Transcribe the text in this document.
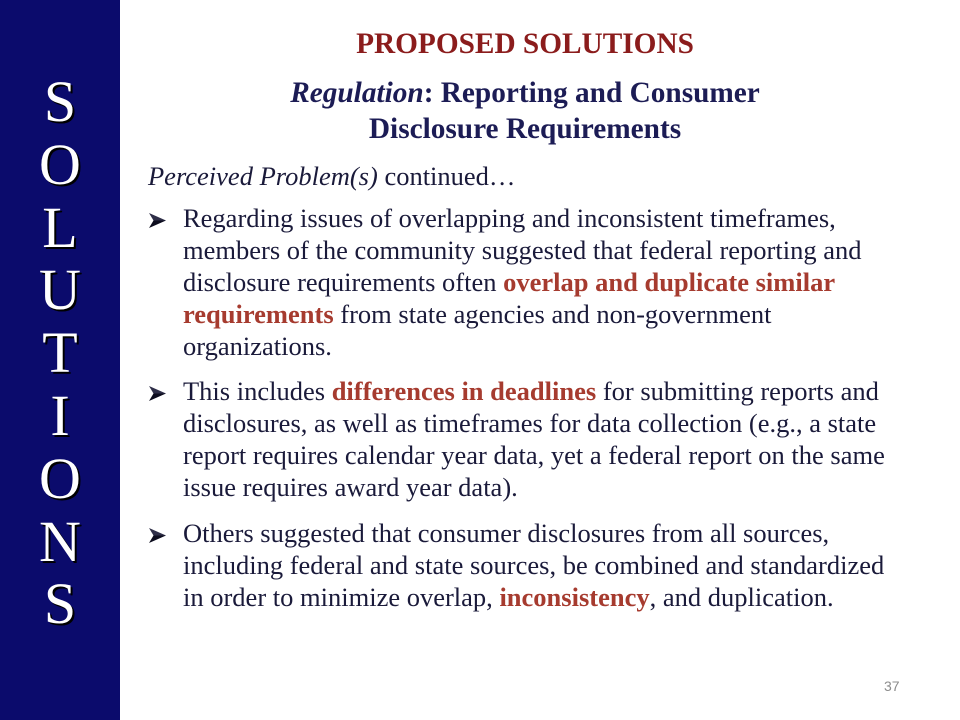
S
O
L
U
T
I
O
N
S
PROPOSED SOLUTIONS
Regulation: Reporting and Consumer
Disclosure Requirements
Perceived Problem(s) continued…
Regarding issues of overlapping and inconsistent timeframes,
members of the community suggested that federal reporting and
disclosure requirements often overlap and duplicate similar
requirements from state agencies and non-government
organizations.
This includes differences in deadlines for submitting reports and
disclosures, as well as timeframes for data collection (e.g., a state
report requires calendar year data, yet a federal report on the same
issue requires award year data).
Others suggested that consumer disclosures from all sources,
including federal and state sources, be combined and standardized
in order to minimize overlap, inconsistency, and duplication.
37
